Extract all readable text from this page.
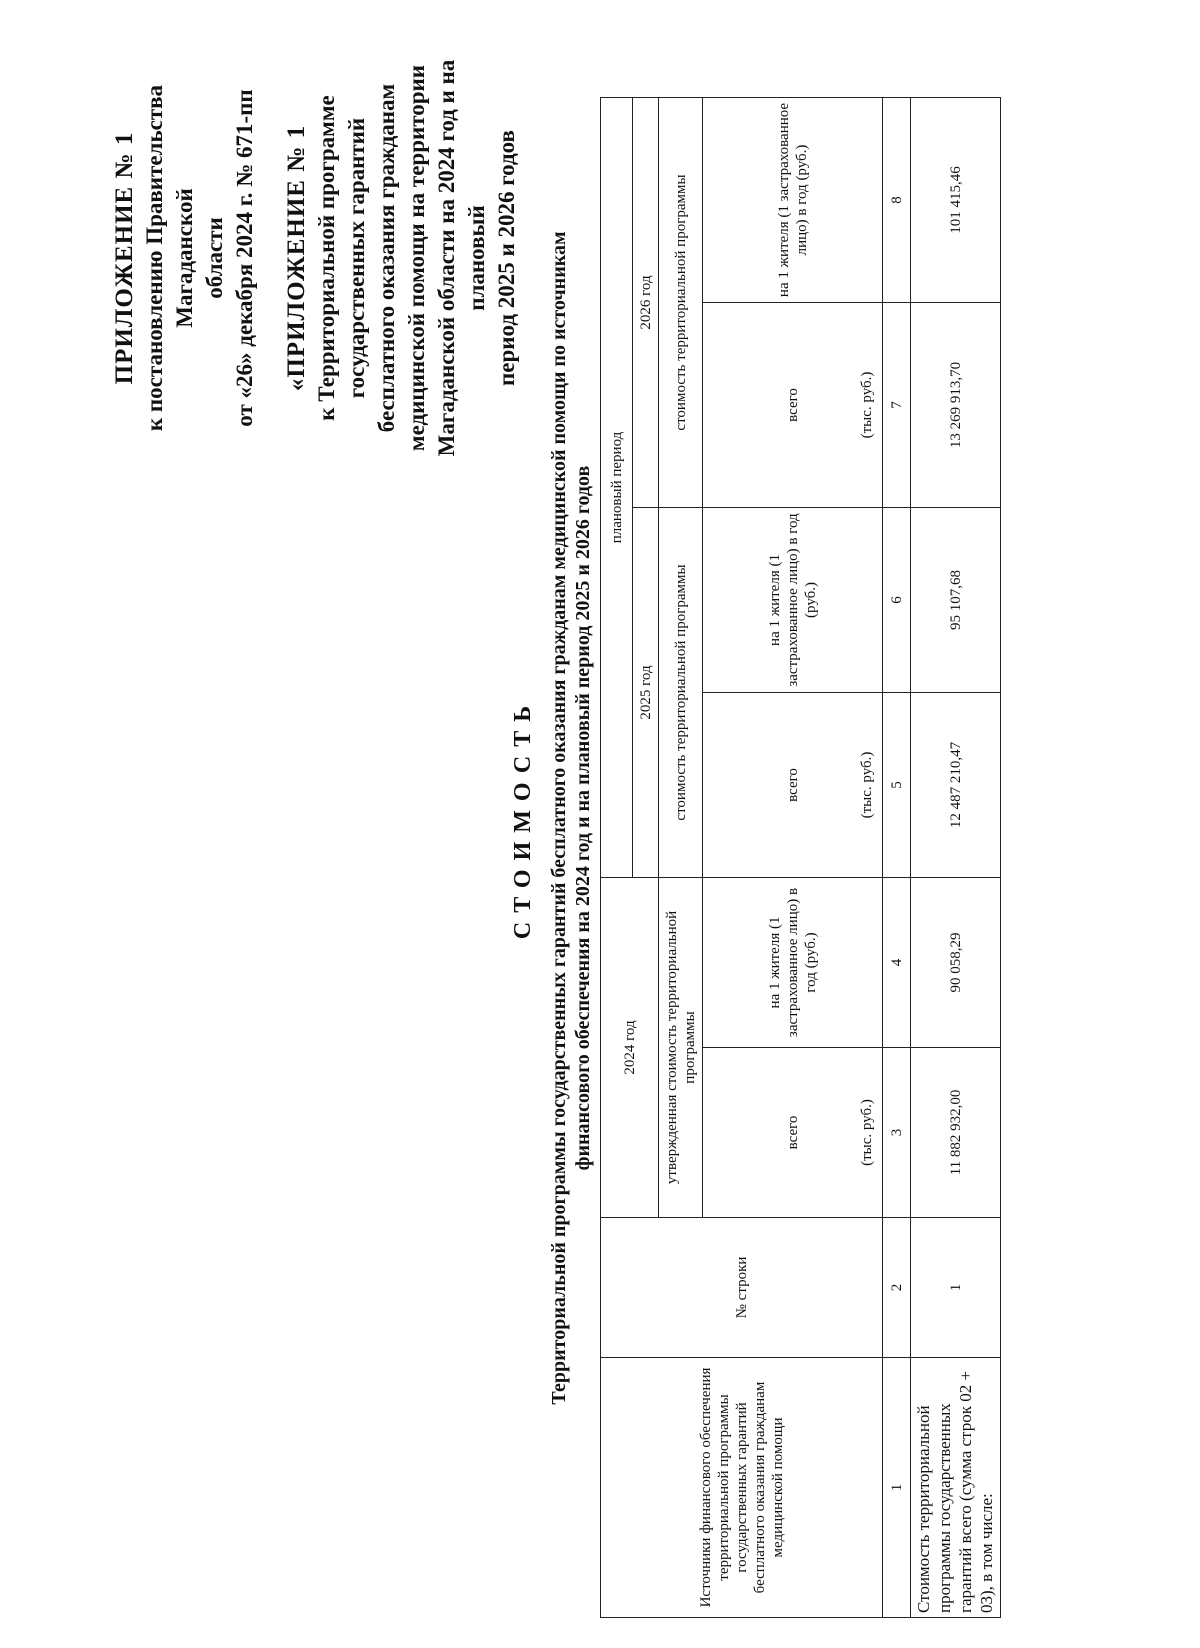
ПРИЛОЖЕНИЕ № 1 к постановлению Правительства Магаданской области от «26» декабря 2024 г. № 671-пп «ПРИЛОЖЕНИЕ № 1 к Территориальной программе государственных гарантий бесплатного оказания гражданам медицинской помощи на территории Магаданской области на 2024 год и на плановый период 2025 и 2026 годов
СТОИМОСТЬ Территориальной программы государственных гарантий бесплатного оказания гражданам медицинской помощи по источникам финансового обеспечения на 2024 год и на плановый период 2025 и 2026 годов
Источники финансового обеспечения территориальной программы государственных гарантий бесплатного оказания гражданам медицинской помощи	№ строки	2024 год		плановый период			
				2025 год		2026 год	
		утвержденная стоимость территориальной программы		стоимость территориальной программы		стоимость территориальной программы	
		всего (тыс. руб.)	на 1 жителя (1 застрахованное лицо) в год (руб.)	всего (тыс. руб.)	на 1 жителя (1 застрахованное лицо) в год (руб.)	всего (тыс. руб.)	на 1 жителя (1 застрахованное лицо) в год (руб.)
1	2	3	4	5	6	7	8
Стоимость территориальной программы государственных гарантий всего (сумма строк 02 + 03), в том числе:	1	11 882 932,00	90 058,29	12 487 210,47	95 107,68	13 269 913,70	101 415,46
